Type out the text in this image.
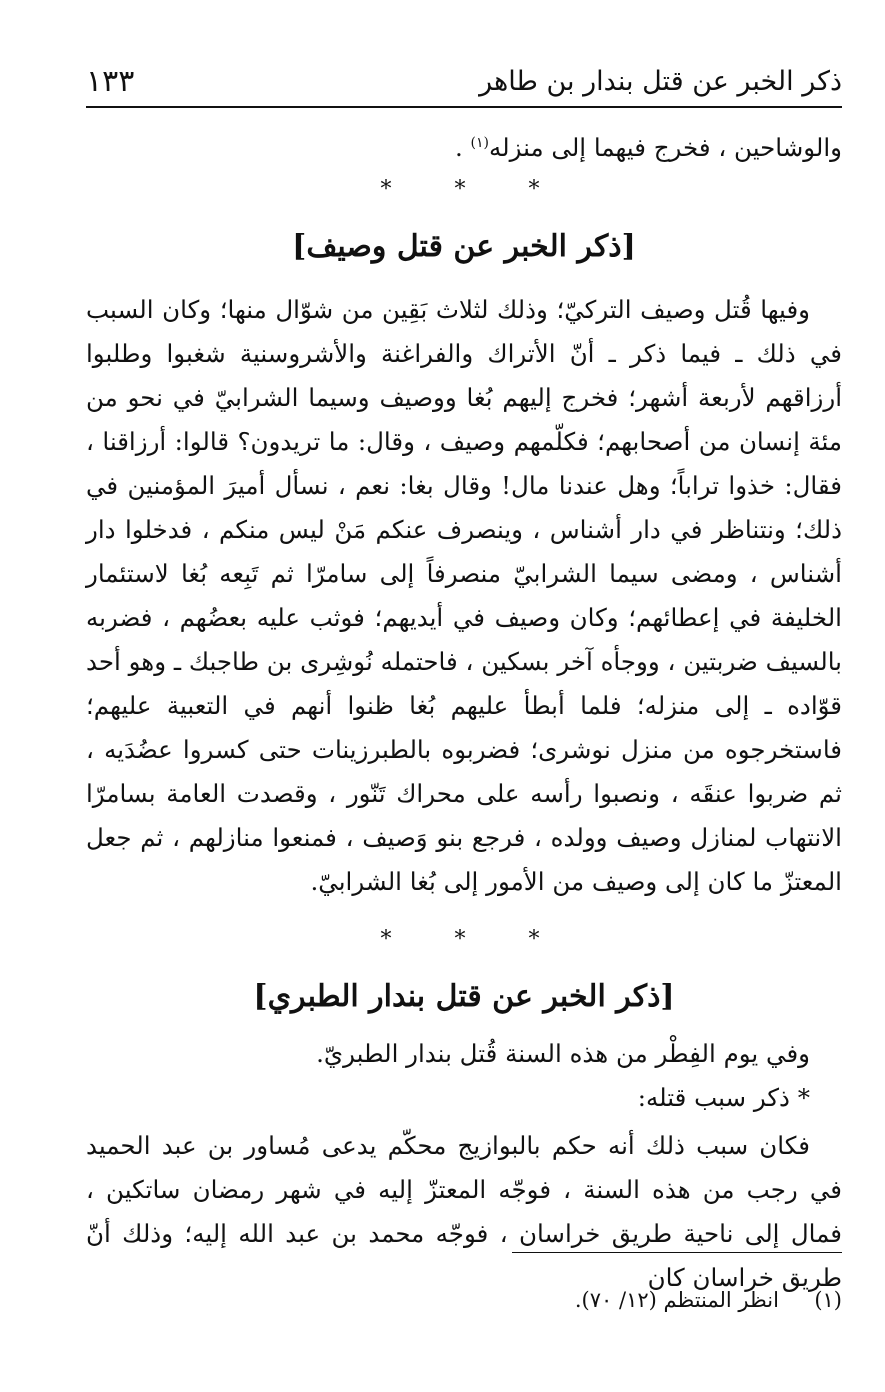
ذكر الخبر عن قتل بندار بن طاهر
١٣٣

والوشاحين ، فخرج فيهما إلى منزله$^{(١)}$ .

* * *
[ذكر الخبر عن قتل وصيف]

وفيها قُتل وصيف التركيّ؛ وذلك لثلاث بَقِين من شوّال منها؛ وكان السبب في ذلك ـ فيما ذكر ـ أنّ الأتراك والفراغنة والأشروسنية شغبوا وطلبوا أرزاقهم لأربعة أشهر؛ فخرج إليهم بُغا ووصيف وسيما الشرابيّ في نحو من مئة إنسان من أصحابهم؛ فكلّمهم وصيف ، وقال: ما تريدون؟ قالوا: أرزاقنا ، فقال: خذوا تراباً؛ وهل عندنا مال! وقال بغا: نعم ، نسأل أميرَ المؤمنين في ذلك؛ ونتناظر في دار أشناس ، وينصرف عنكم مَنْ ليس منكم ، فدخلوا دار أشناس ، ومضى سيما الشرابيّ منصرفاً إلى سامرّا ثم تَبِعه بُغا لاستئمار الخليفة في إعطائهم؛ وكان وصيف في أيديهم؛ فوثب عليه بعضُهم ، فضربه بالسيف ضربتين ، ووجأه آخر بسكين ، فاحتمله نُوشِرى بن طاجبك ـ وهو أحد قوّاده ـ إلى منزله؛ فلما أبطأ عليهم بُغا ظنوا أنهم في التعبية عليهم؛ فاستخرجوه من منزل نوشرى؛ فضربوه بالطبرزينات حتى كسروا عضُدَيه ، ثم ضربوا عنقَه ، ونصبوا رأسه على محراك تَنّور ، وقصدت العامة بسامرّا الانتهاب لمنازل وصيف وولده ، فرجع بنو وَصيف ، فمنعوا منازلهم ، ثم جعل المعتزّ ما كان إلى وصيف من الأمور إلى بُغا الشرابيّ.

* * *
[ذكر الخبر عن قتل بندار الطبري]

وفي يوم الفِطْر من هذه السنة قُتل بندار الطبريّ.

* ذكر سبب قتله:

فكان سبب ذلك أنه حكم بالبوازيج محكّم يدعى مُساور بن عبد الحميد في رجب من هذه السنة ، فوجّه المعتزّ إليه في شهر رمضان ساتكين ، فمال إلى ناحية طريق خراسان ، فوجّه محمد بن عبد الله إليه؛ وذلك أنّ طريق خراسان كان

(١)  انظر المنتظم (١٢/ ٧٠).
